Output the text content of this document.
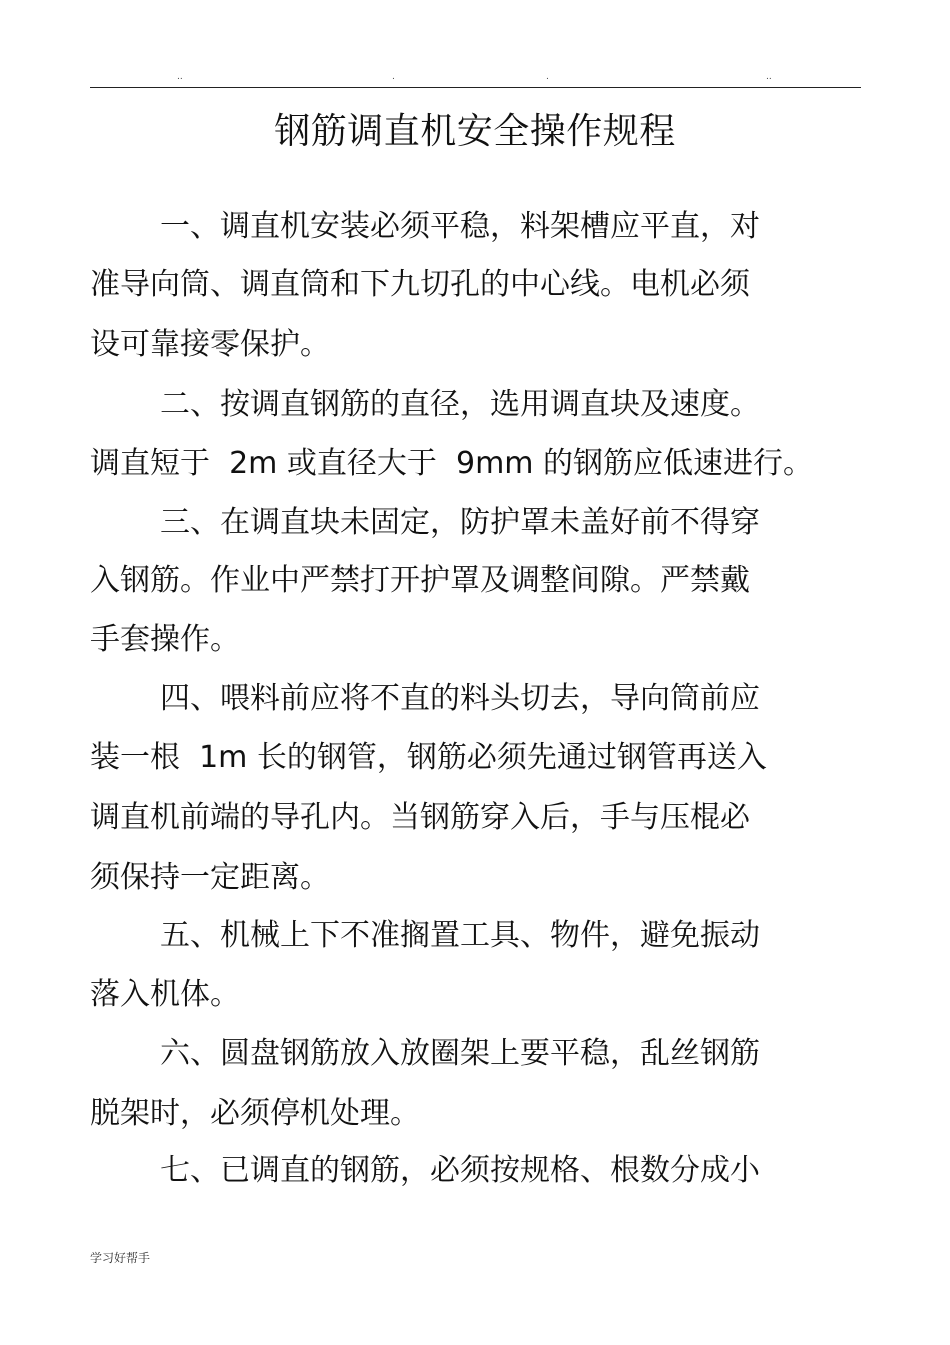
..	.	.	..
钢筋调直机安全操作规程
一、调直机安装必须平稳，料架槽应平直，对
准导向筒、调直筒和下九切孔的中心线。电机必须
设可靠接零保护。
二、按调直钢筋的直径，选用调直块及速度。
调直短于  2m 或直径大于  9mm 的钢筋应低速进行。
三、在调直块未固定，防护罩未盖好前不得穿
入钢筋。作业中严禁打开护罩及调整间隙。严禁戴
手套操作。
四、喂料前应将不直的料头切去，导向筒前应
装一根  1m 长的钢管，钢筋必须先通过钢管再送入
调直机前端的导孔内。当钢筋穿入后，手与压棍必
须保持一定距离。
五、机械上下不准搁置工具、物件，避免振动
落入机体。
六、圆盘钢筋放入放圈架上要平稳，乱丝钢筋
脱架时，必须停机处理。
七、已调直的钢筋，必须按规格、根数分成小
学习好帮手
